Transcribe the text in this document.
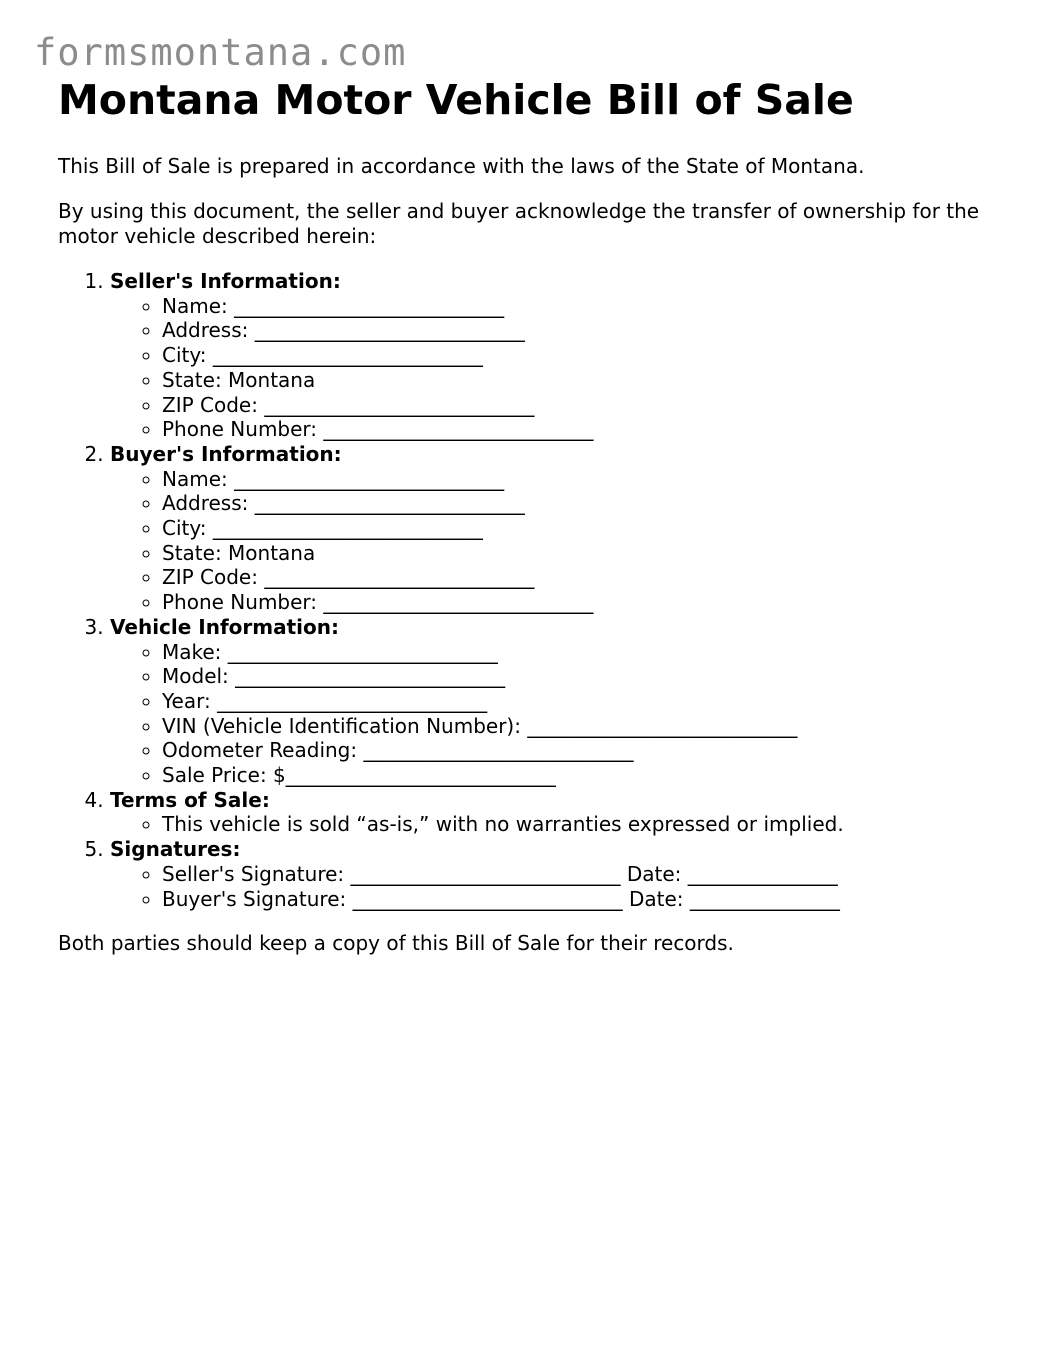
formsmontana.com
Montana Motor Vehicle Bill of Sale

This Bill of Sale is prepared in accordance with the laws of the State of Montana.

By using this document, the seller and buyer acknowledge the transfer of ownership for the motor vehicle described herein:

1. Seller's Information:
◦ Name: ___________________________
◦ Address: ___________________________
◦ City: ___________________________
◦ State: Montana
◦ ZIP Code: ___________________________
◦ Phone Number: ___________________________
2. Buyer's Information:
◦ Name: ___________________________
◦ Address: ___________________________
◦ City: ___________________________
◦ State: Montana
◦ ZIP Code: ___________________________
◦ Phone Number: ___________________________
3. Vehicle Information:
◦ Make: ___________________________
◦ Model: ___________________________
◦ Year: ___________________________
◦ VIN (Vehicle Identification Number): ___________________________
◦ Odometer Reading: ___________________________
◦ Sale Price: $___________________________
4. Terms of Sale:
◦ This vehicle is sold “as-is,” with no warranties expressed or implied.
5. Signatures:
◦ Seller's Signature: ___________________________ Date: _______________
◦ Buyer's Signature: ___________________________ Date: _______________

Both parties should keep a copy of this Bill of Sale for their records.
